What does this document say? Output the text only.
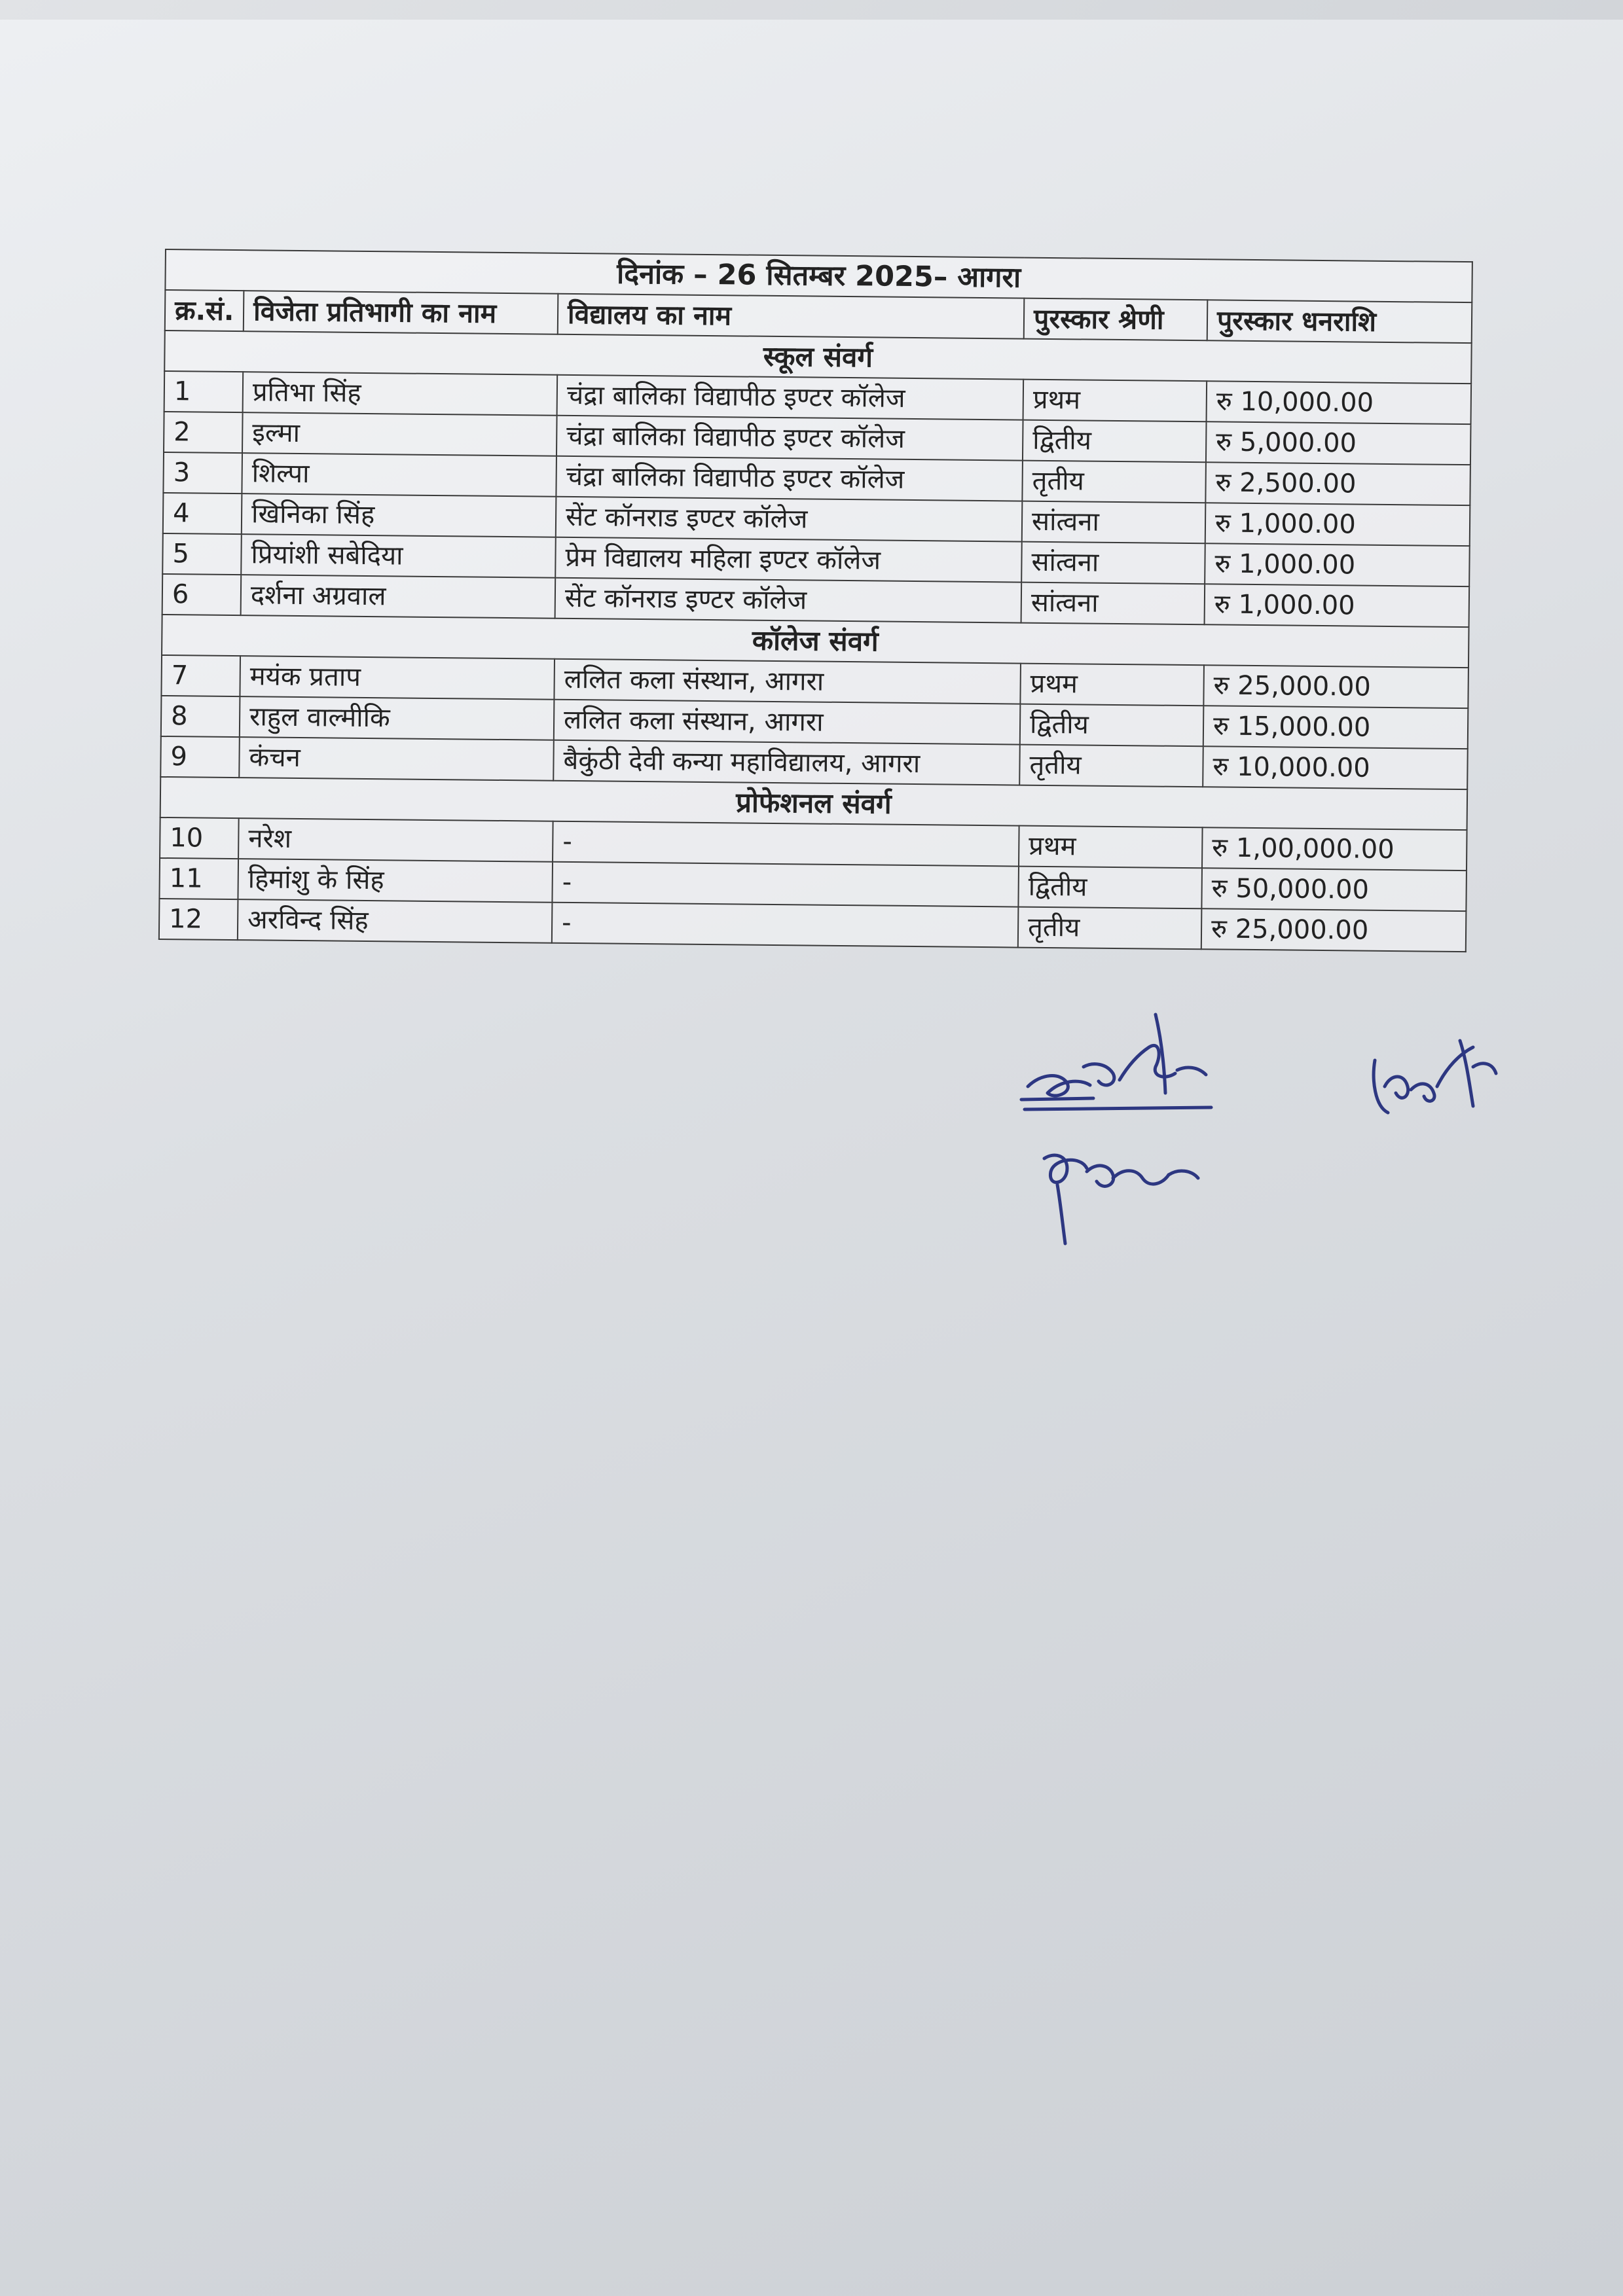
दिनांक – 26 सितम्बर 2025– आगरा				
क्र.सं.	विजेता प्रतिभागी का नाम	विद्यालय का नाम	पुरस्कार श्रेणी	पुरस्कार धनराशि
स्कूल संवर्ग				
1	प्रतिभा सिंह	चंद्रा बालिका विद्यापीठ इण्टर कॉलेज	प्रथम	रु 10,000.00
2	इल्मा	चंद्रा बालिका विद्यापीठ इण्टर कॉलेज	द्वितीय	रु 5,000.00
3	शिल्पा	चंद्रा बालिका विद्यापीठ इण्टर कॉलेज	तृतीय	रु 2,500.00
4	खिनिका सिंह	सेंट कॉनराड इण्टर कॉलेज	सांत्वना	रु 1,000.00
5	प्रियांशी सबेदिया	प्रेम विद्यालय महिला इण्टर कॉलेज	सांत्वना	रु 1,000.00
6	दर्शना अग्रवाल	सेंट कॉनराड इण्टर कॉलेज	सांत्वना	रु 1,000.00
कॉलेज संवर्ग				
7	मयंक प्रताप	ललित कला संस्थान, आगरा	प्रथम	रु 25,000.00
8	राहुल वाल्मीकि	ललित कला संस्थान, आगरा	द्वितीय	रु 15,000.00
9	कंचन	बैकुंठी देवी कन्या महाविद्यालय, आगरा	तृतीय	रु 10,000.00
प्रोफेशनल संवर्ग				
10	नरेश	-	प्रथम	रु 1,00,000.00
11	हिमांशु के सिंह	-	द्वितीय	रु 50,000.00
12	अरविन्द सिंह	-	तृतीय	रु 25,000.00
